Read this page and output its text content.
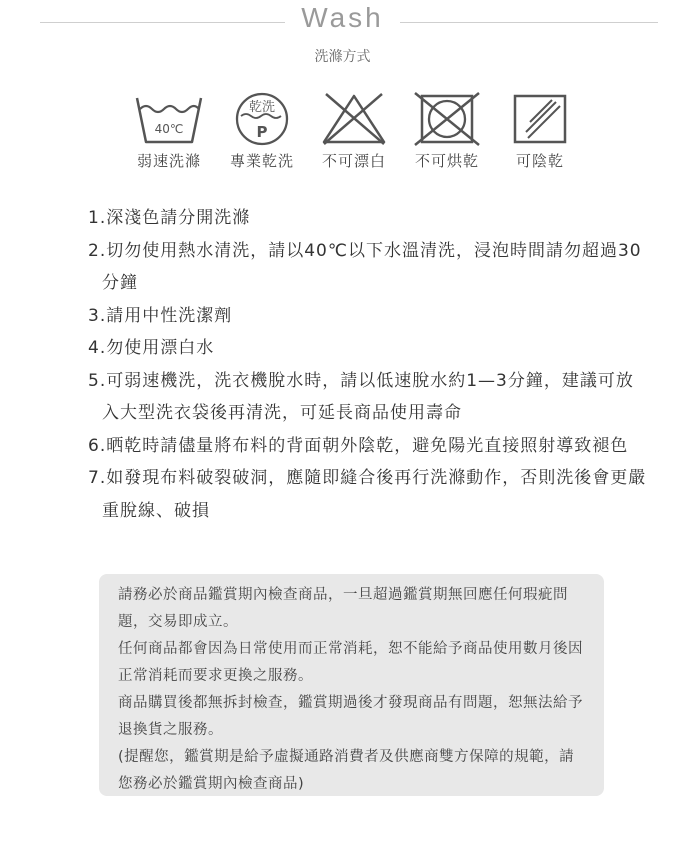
Wash
洗滌方式
40℃
弱速洗滌
乾洗
P
專業乾洗	不可漂白	不可烘乾	可陰乾

1.深淺色請分開洗滌

2.切勿使用熱水清洗，請以40℃以下水溫清洗，浸泡時間請勿超過30分鐘

3.請用中性洗潔劑

4.勿使用漂白水

5.可弱速機洗，洗衣機脫水時，請以低速脫水約1—3分鐘，建議可放入大型洗衣袋後再清洗，可延長商品使用壽命

6.晒乾時請儘量將布料的背面朝外陰乾，避免陽光直接照射導致褪色

7.如發現布料破裂破洞，應隨即縫合後再行洗滌動作，否則洗後會更嚴重脫線、破損

請務必於商品鑑賞期內檢查商品，一旦超過鑑賞期無回應任何瑕疵問題，交易即成立。

任何商品都會因為日常使用而正常消耗，恕不能給予商品使用數月後因正常消耗而要求更換之服務。

商品購買後都無拆封檢查，鑑賞期過後才發現商品有問題，恕無法給予退換貨之服務。

(提醒您，鑑賞期是給予虛擬通路消費者及供應商雙方保障的規範，請您務必於鑑賞期內檢查商品)
